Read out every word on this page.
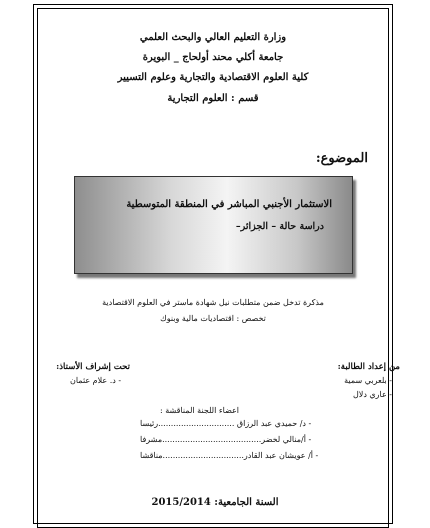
وزارة التعليم العالي والبحث العلمي
جامعة أكلي محند أولحاج _ البويرة
كلية العلوم الاقتصادية والتجارية وعلوم التسيير
قسم : العلوم التجارية
الموضوع:
الاستثمار الأجنبي المباشر في المنطقة المتوسطية
دراسة حالة – الجزائر–
مذكرة تدخل ضمن متطلبات نيل شهادة ماستر في العلوم الاقتصادية
تخصص : اقتصاديات مالية وبنوك
من إعداد الطالبة:
- بلعربي سمية
- عاري دلال
تحت إشراف الأستاذ:
- د. علام عثمان
اعضاء اللجنة المناقشة :
- د/ حميدي عبد الرزاق ..............................رئيسا
- أ/منالي لخضر.......................................مشرفا
- أ/ عويشان عبد القادر................................مناقشا
السنة الجامعية: 2015/2014
